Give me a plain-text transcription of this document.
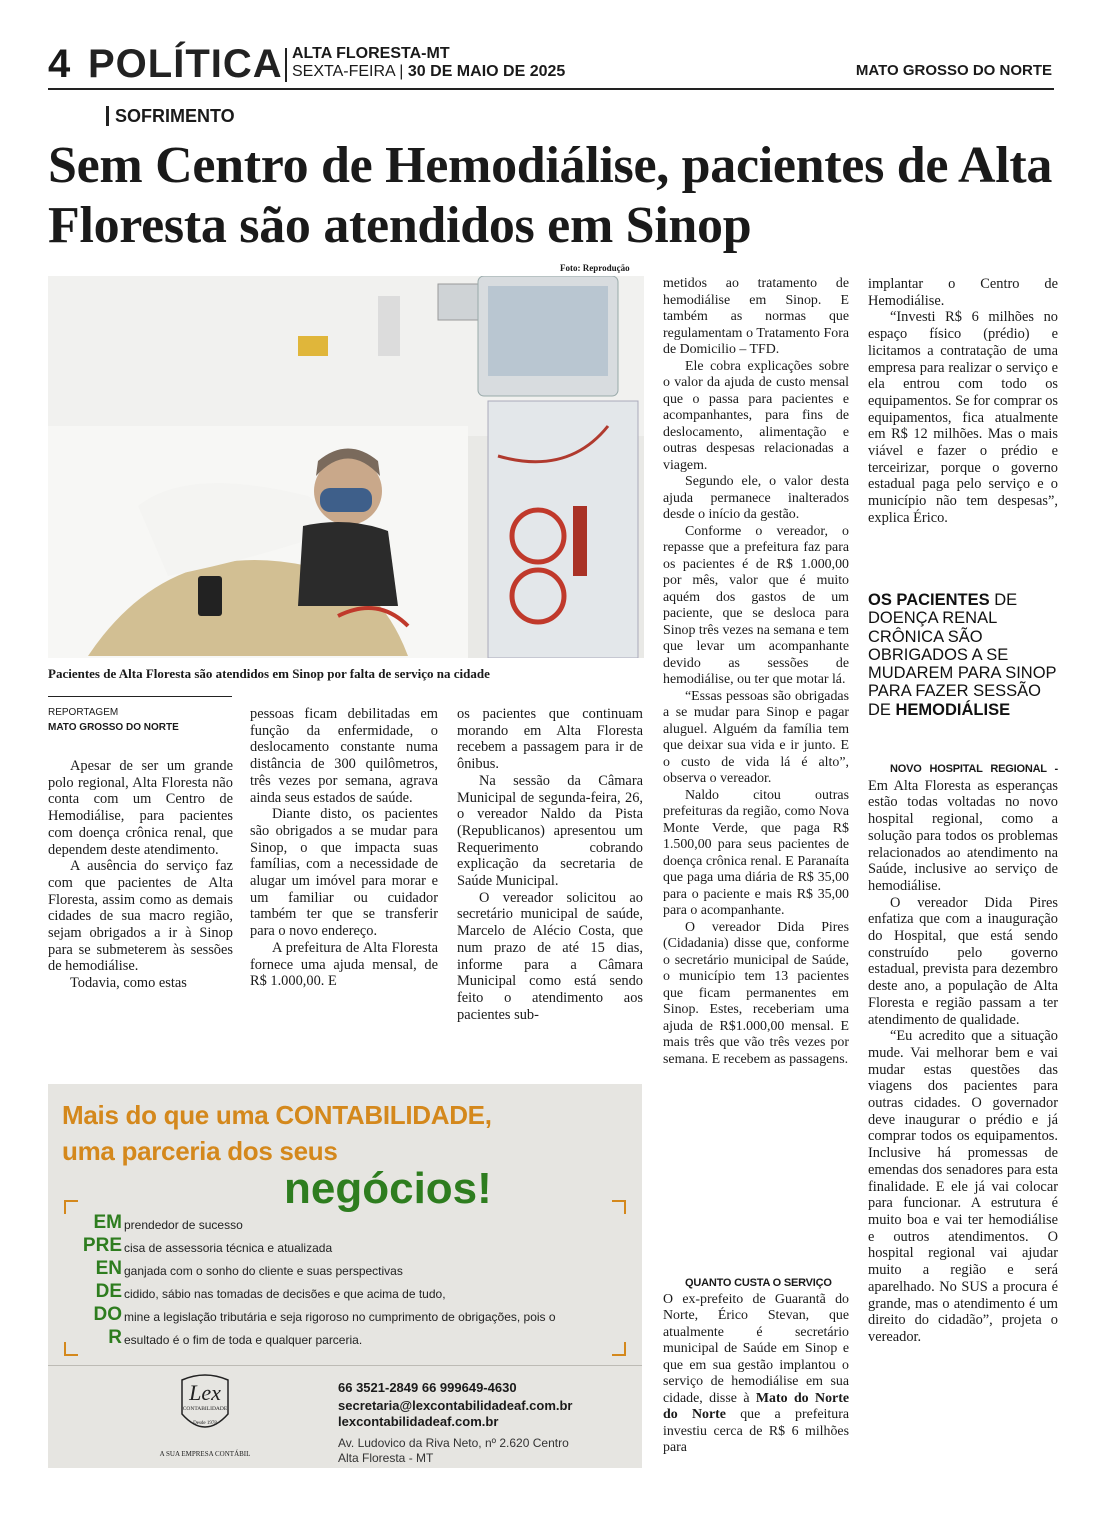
4 POLÍTICA ALTA FLORESTA-MT
SEXTA-FEIRA | 30 DE MAIO DE 2025	MATO GROSSO DO NORTE
SOFRIMENTO
Sem Centro de Hemodiálise, pacientes de Alta Floresta são atendidos em Sinop
Foto: Reprodução
Pacientes de Alta Floresta são atendidos em Sinop por falta de serviço na cidade
REPORTAGEM
MATO GROSSO DO NORTE

Apesar de ser um grande polo regional, Alta Floresta não conta com um Centro de Hemodiálise, para pacientes com doença crônica renal, que dependem deste atendimento.

A ausência do serviço faz com que pacientes de Alta Floresta, assim como as demais cidades de sua macro região, sejam obrigados a ir à Sinop para se submeterem às sessões de hemodiálise.

Todavia, como estas

pessoas ficam debilitadas em função da enfermidade, o deslocamento constante numa distância de 300 quilômetros, três vezes por semana, agrava ainda seus estados de saúde.

Diante disto, os pacientes são obrigados a se mudar para Sinop, o que impacta suas famílias, com a necessidade de alugar um imóvel para morar e um familiar ou cuidador também ter que se transferir para o novo endereço.

A prefeitura de Alta Floresta fornece uma ajuda mensal, de R$ 1.000,00. E

os pacientes que continuam morando em Alta Floresta recebem a passagem para ir de ônibus.

Na sessão da Câmara Municipal de segunda-feira, 26, o vereador Naldo da Pista (Republicanos) apresentou um Requerimento cobrando explicação da secretaria de Saúde Municipal.

O vereador solicitou ao secretário municipal de saúde, Marcelo de Alécio Costa, que num prazo de até 15 dias, informe para a Câmara Municipal como está sendo feito o atendimento aos pacientes sub-

metidos ao tratamento de hemodiálise em Sinop. E também as normas que regulamentam o Tratamento Fora de Domicilio – TFD.

Ele cobra explicações sobre o valor da ajuda de custo mensal que o passa para pacientes e acompanhantes, para fins de deslocamento, alimentação e outras despesas relacionadas a viagem.

Segundo ele, o valor desta ajuda permanece inalterados desde o início da gestão.

Conforme o vereador, o repasse que a prefeitura faz para os pacientes é de R$ 1.000,00 por mês, valor que é muito aquém dos gastos de um paciente, que se desloca para Sinop três vezes na semana e tem que levar um acompanhante devido as sessões de hemodiálise, ou ter que motar lá.

“Essas pessoas são obrigadas a se mudar para Sinop e pagar aluguel. Alguém da família tem que deixar sua vida e ir junto. E o custo de vida lá é alto”, observa o vereador.

Naldo citou outras prefeituras da região, como Nova Monte Verde, que paga R$ 1.500,00 para seus pacientes de doença crônica renal. E Paranaíta que paga uma diária de R$ 35,00 para o paciente e mais R$ 35,00 para o acompanhante.

O vereador Dida Pires (Cidadania) disse que, conforme o secretário municipal de Saúde, o município tem 13 pacientes que ficam permanentes em Sinop. Estes, receberiam uma ajuda de R$1.000,00 mensal. E mais três que vão três vezes por semana. E recebem as passagens.

QUANTO CUSTA O SERVIÇO

O ex-prefeito de Guarantã do Norte, Érico Stevan, que atualmente é secretário municipal de Saúde em Sinop e que em sua gestão implantou o serviço de hemodiálise em sua cidade, disse à Mato do Norte do Norte que a prefeitura investiu cerca de R$ 6 milhões para

implantar o Centro de Hemodiálise.

“Investi R$ 6 milhões no espaço físico (prédio) e licitamos a contratação de uma empresa para realizar o serviço e ela entrou com todo os equipamentos. Se for comprar os equipamentos, fica atualmente em R$ 12 milhões. Mas o mais viável e fazer o prédio e terceirizar, porque o governo estadual paga pelo serviço e o município não tem despesas”, explica Érico.

OS PACIENTES DE DOENÇA RENAL CRÔNICA SÃO OBRIGADOS A SE MUDAREM PARA SINOP PARA FAZER SESSÃO DE HEMODIÁLISE

NOVO HOSPITAL REGIONAL - Em Alta Floresta as esperanças estão todas voltadas no novo hospital regional, como a solução para todos os problemas relacionados ao atendimento na Saúde, inclusive ao serviço de hemodiálise.

O vereador Dida Pires enfatiza que com a inauguração do Hospital, que está sendo construído pelo governo estadual, prevista para dezembro deste ano, a população de Alta Floresta e região passam a ter atendimento de qualidade.

“Eu acredito que a situação mude. Vai melhorar bem e vai mudar estas questões das viagens dos pacientes para outras cidades. O governador deve inaugurar o prédio e já comprar todos os equipamentos. Inclusive há promessas de emendas dos senadores para esta finalidade. E ele já vai colocar para funcionar. A estrutura é muito boa e vai ter hemodiálise e outros atendimentos. O hospital regional vai ajudar muito a região e será aparelhado. No SUS a procura é grande, mas o atendimento é um direito do cidadão”, projeta o vereador.

Mais do que uma CONTABILIDADE,
uma parceria dos seus
negócios!
EM prendedor de sucesso
PRE cisa de assessoria técnica e atualizada
EN ganjada com o sonho do cliente e suas perspectivas
DE cidido, sábio nas tomadas de decisões e que acima de tudo,
DO mine a legislação tributária e seja rigoroso no cumprimento de obrigações, pois o
R esultado é o fim de toda e qualquer parceria.
Lex
CONTABILIDADE
Desde 1978
A SUA EMPRESA CONTÁBIL
66 3521-2849 66 999649-4630
secretaria@lexcontabilidadeaf.com.br
lexcontabilidadeaf.com.br
Av. Ludovico da Riva Neto, nº 2.620 Centro
Alta Floresta - MT
